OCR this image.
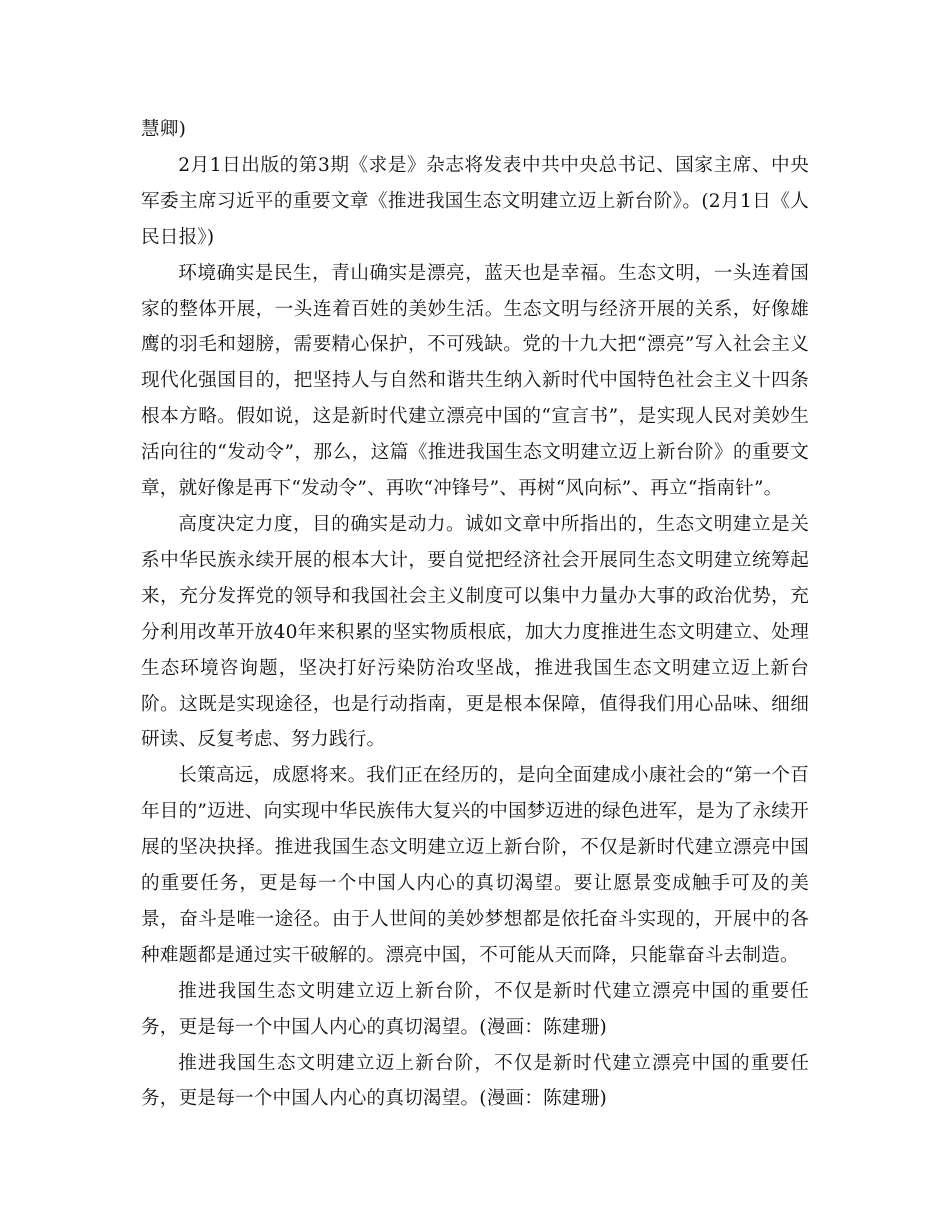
慧卿)

2月1日出版的第3期《求是》杂志将发表中共中央总书记、国家主席、中央军委主席习近平的重要文章《推进我国生态文明建立迈上新台阶》。(2月1日《人民日报》)

环境确实是民生，青山确实是漂亮，蓝天也是幸福。生态文明，一头连着国家的整体开展，一头连着百姓的美妙生活。生态文明与经济开展的关系，好像雄鹰的羽毛和翅膀，需要精心保护，不可残缺。党的十九大把“漂亮”写入社会主义现代化强国目的，把坚持人与自然和谐共生纳入新时代中国特色社会主义十四条根本方略。假如说，这是新时代建立漂亮中国的“宣言书”，是实现人民对美妙生活向往的“发动令”，那么，这篇《推进我国生态文明建立迈上新台阶》的重要文章，就好像是再下“发动令”、再吹“冲锋号”、再树“风向标”、再立“指南针”。

高度决定力度，目的确实是动力。诚如文章中所指出的，生态文明建立是关系中华民族永续开展的根本大计，要自觉把经济社会开展同生态文明建立统筹起来，充分发挥党的领导和我国社会主义制度可以集中力量办大事的政治优势，充分利用改革开放40年来积累的坚实物质根底，加大力度推进生态文明建立、处理生态环境咨询题，坚决打好污染防治攻坚战，推进我国生态文明建立迈上新台阶。这既是实现途径，也是行动指南，更是根本保障，值得我们用心品味、细细研读、反复考虑、努力践行。

长策高远，成愿将来。我们正在经历的，是向全面建成小康社会的“第一个百年目的”迈进、向实现中华民族伟大复兴的中国梦迈进的绿色进军，是为了永续开展的坚决抉择。推进我国生态文明建立迈上新台阶，不仅是新时代建立漂亮中国的重要任务，更是每一个中国人内心的真切渴望。要让愿景变成触手可及的美景，奋斗是唯一途径。由于人世间的美妙梦想都是依托奋斗实现的，开展中的各种难题都是通过实干破解的。漂亮中国，不可能从天而降，只能靠奋斗去制造。

推进我国生态文明建立迈上新台阶，不仅是新时代建立漂亮中国的重要任务，更是每一个中国人内心的真切渴望。(漫画：陈建珊)

推进我国生态文明建立迈上新台阶，不仅是新时代建立漂亮中国的重要任务，更是每一个中国人内心的真切渴望。(漫画：陈建珊)
